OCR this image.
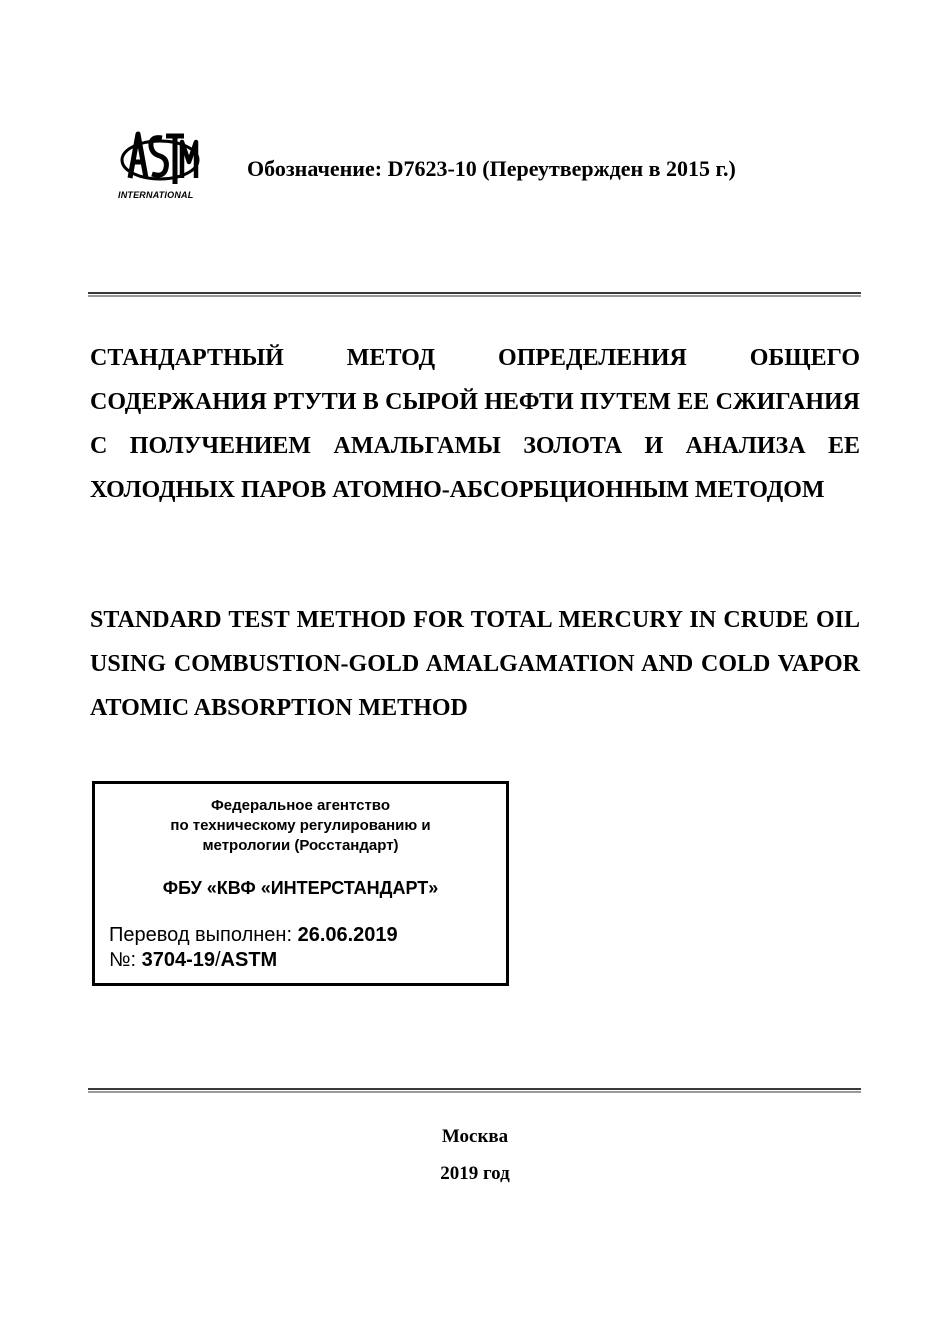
INTERNATIONAL
Обозначение: D7623-10 (Переутвержден в 2015 г.)
СТАНДАРТНЫЙ МЕТОД ОПРЕДЕЛЕНИЯ ОБЩЕГО СОДЕРЖАНИЯ РТУТИ В СЫРОЙ НЕФТИ ПУТЕМ ЕЕ СЖИГАНИЯ С ПОЛУЧЕНИЕМ АМАЛЬГАМЫ ЗОЛОТА И АНАЛИЗА ЕЕ ХОЛОДНЫХ ПАРОВ АТОМНО-АБСОРБЦИОННЫМ МЕТОДОМ
STANDARD TEST METHOD FOR TOTAL MERCURY IN CRUDE OIL USING COMBUSTION-GOLD AMALGAMATION AND COLD VAPOR ATOMIC ABSORPTION METHOD
Федеральное агентство
по техническому регулированию и
метрологии (Росстандарт)
ФБУ «КВФ «ИНТЕРСТАНДАРТ»
Перевод выполнен: 26.06.2019
№: 3704-19/ASTM
Москва
2019 год
